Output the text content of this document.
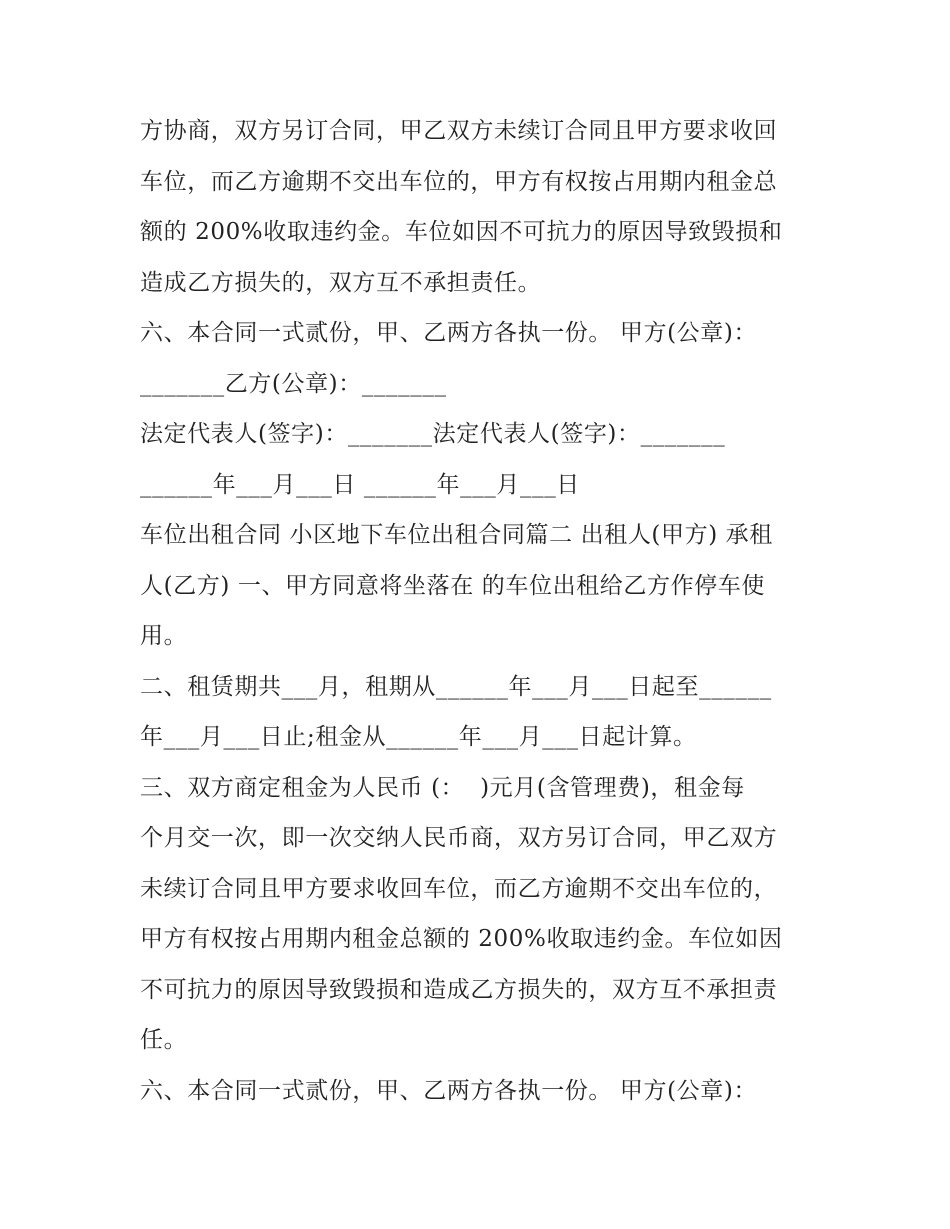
方协商，双方另订合同，甲乙双方未续订合同且甲方要求收回
车位，而乙方逾期不交出车位的，甲方有权按占用期内租金总
额的 200%收取违约金。车位如因不可抗力的原因导致毁损和
造成乙方损失的，双方互不承担责任。
六、本合同一式贰份，甲、乙两方各执一份。 甲方(公章)：
_______乙方(公章)：_______
法定代表人(签字)：_______法定代表人(签字)：_______
______年___月___日 ______年___月___日
车位出租合同 小区地下车位出租合同篇二 出租人(甲方) 承租
人(乙方) 一、甲方同意将坐落在 的车位出租给乙方作停车使
用。
二、租赁期共___月，租期从______年___月___日起至______
年___月___日止;租金从______年___月___日起计算。
三、双方商定租金为人民币 (：  )元月(含管理费)，租金每
个月交一次，即一次交纳人民币商，双方另订合同，甲乙双方
未续订合同且甲方要求收回车位，而乙方逾期不交出车位的，
甲方有权按占用期内租金总额的 200%收取违约金。车位如因
不可抗力的原因导致毁损和造成乙方损失的，双方互不承担责
任。
六、本合同一式贰份，甲、乙两方各执一份。 甲方(公章)：
